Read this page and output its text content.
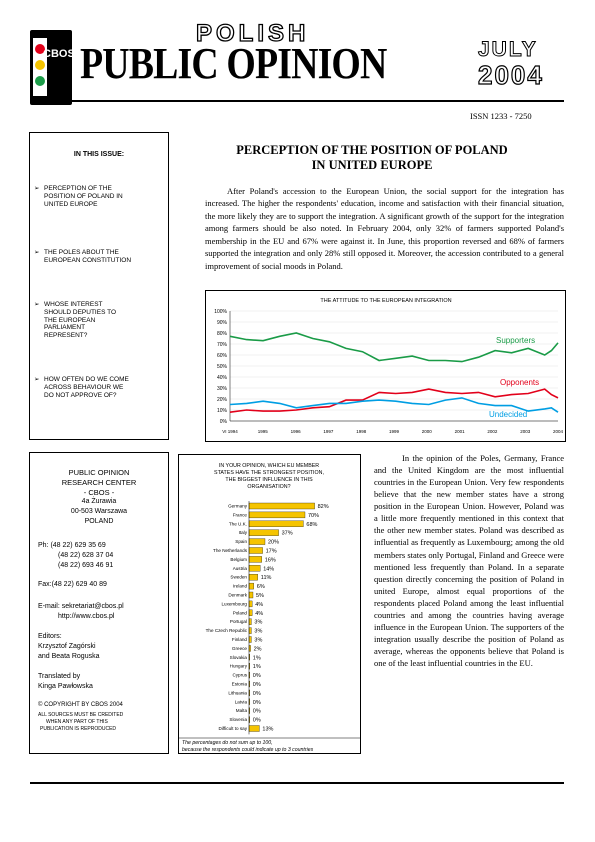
CBOS
POLISH
PUBLIC OPINION	JULY
2004
ISSN 1233 - 7250
IN THIS ISSUE:
➢ PERCEPTION OF THE POSITION OF POLAND IN UNITED EUROPE
➢ THE POLES ABOUT THE EUROPEAN CONSTITUTION
➢ WHOSE INTEREST SHOULD DEPUTIES TO THE EUROPEAN PARLIAMENT REPRESENT?
➢ HOW OFTEN DO WE COME ACROSS BEHAVIOUR WE DO NOT APPROVE OF?
PUBLIC OPINION
RESEARCH CENTER
- CBOS -
4a Żurawia
00-503 Warszawa
POLAND
Ph: (48 22) 629 35 69
(48 22) 628 37 04
(48 22) 693 46 91
Fax:(48 22) 629 40 89
E-mail: sekretariat@cbos.pl
http://www.cbos.pl
Editors:
Krzysztof Zagórski
and Beata Roguska
Translated by
Kinga Pawłowska
© COPYRIGHT BY CBOS 2004
ALL SOURCES MUST BE CREDITED
WHEN ANY PART OF THIS
PUBLICATION IS REPRODUCED
PERCEPTION OF THE POSITION OF POLAND
IN UNITED EUROPE
After Poland's accession to the European Union, the social support for the integration has increased. The higher the respondents' education, income and satisfaction with their financial situation, the more likely they are to support the integration. A significant growth of the support for the integration among farmers should be also noted. In February 2004, only 32% of farmers supported Poland's membership in the EU and 67% were against it. In June, this proportion reversed and 68% of farmers supported the integration and only 28% still opposed it. Moreover, the accession contributed to a general improvement of social moods in Poland.
THE ATTITUDE TO THE EUROPEAN INTEGRATION
0%
10%
20%
30%
40%
50%
60%
70%
80%
90%
100%
VI 1994	1995	1996	1997	1998	1999	2000	2001	2002	2003	2004
Supporters
Opponents
Undecided
IN YOUR OPINION, WHICH EU MEMBER
STATES HAVE THE STRONGEST POSITION,
THE BIGGEST INFLUENCE IN THIS
ORGANISATION?
Germany	82%
France	70%
The U.K.	68%
Italy	37%
Spain	20%
The Netherlands	17%
Belgium	16%
Austria	14%
Sweden	11%
Ireland 6%
Denmark 5%
Luxembourg 4%
Poland 4%
Portugal 3%
The Czech Republic 3%
Finland 3%
Greece 2%
Slovakia 1%
Hungary 1%
Cyprus 0%
Estonia 0%
Lithuania 0%
Latvia 0%
Malta 0%
Slovenia 0%
Difficult to say	13%
The percentages do not sum up to 100,
because the respondents could indicate up to 3 countries
In the opinion of the Poles, Germany, France and the United Kingdom are the most influential countries in the European Union. Very few respondents believe that the new member states have a strong position in the European Union. However, Poland was a little more frequently mentioned in this context that the other new member states. Poland was described as influential as frequently as Luxembourg; among the old members states only Portugal, Finland and Greece were mentioned less frequently than Poland. In a separate question directly concerning the position of Poland in united Europe, almost equal proportions of the respondents placed Poland among the least influential countries and among the countries having average influence in the European Union. The supporters of the integration usually describe the position of Poland as average, whereas the opponents believe that Poland is one of the least influential countries in the EU.
